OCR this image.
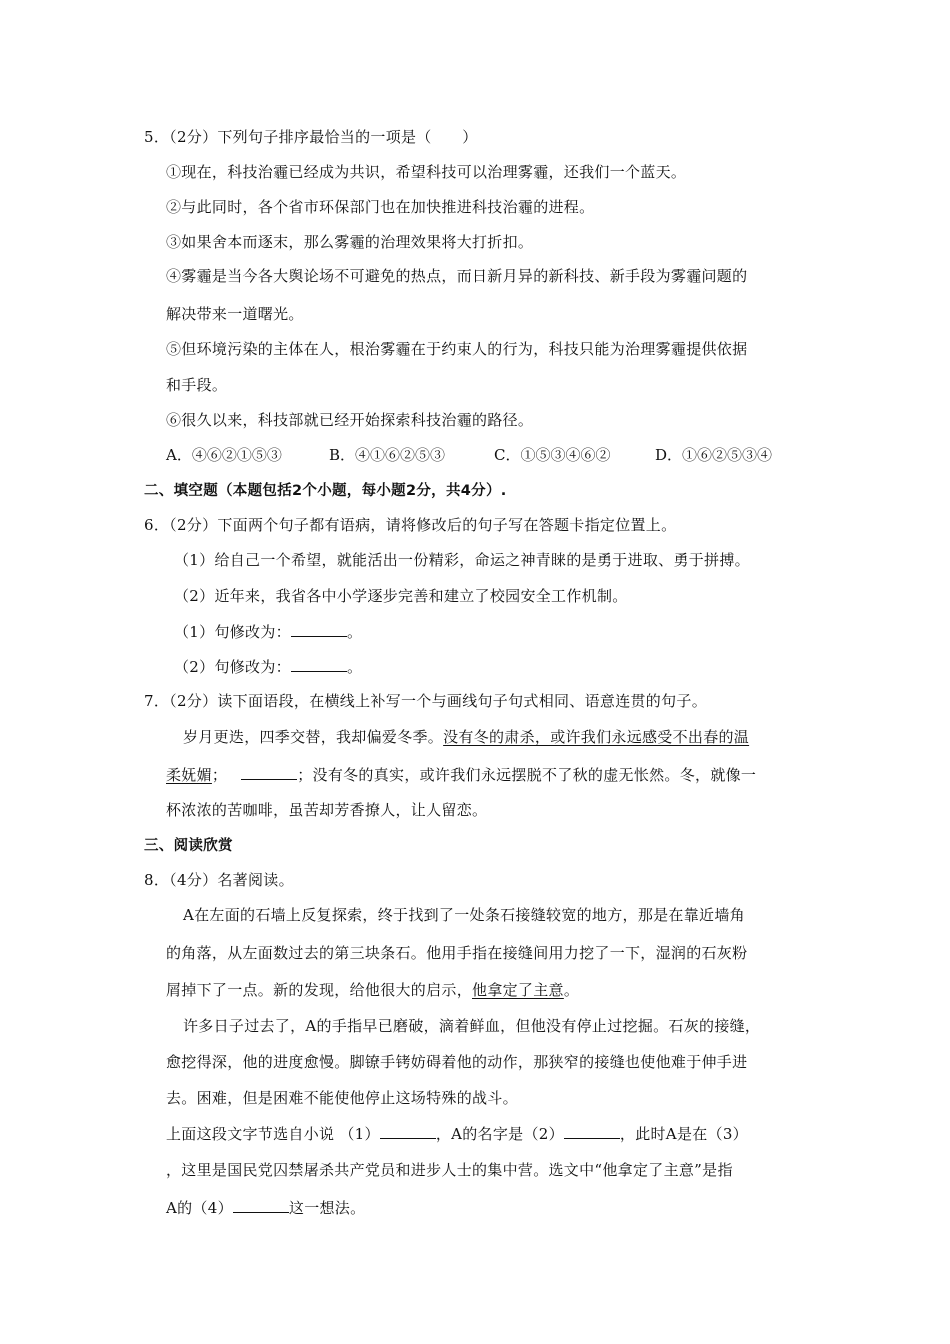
5．（2分）下列句子排序最恰当的一项是（　　）
①现在，科技治霾已经成为共识，希望科技可以治理雾霾，还我们一个蓝天。
②与此同时，各个省市环保部门也在加快推进科技治霾的进程。
③如果舍本而逐末，那么雾霾的治理效果将大打折扣。
④雾霾是当今各大舆论场不可避免的热点，而日新月异的新科技、新手段为雾霾问题的
解决带来一道曙光。
⑤但环境污染的主体在人，根治雾霾在于约束人的行为，科技只能为治理雾霾提供依据
和手段。
⑥很久以来，科技部就已经开始探索科技治霾的路径。
A．④⑥②①⑤③	B．④①⑥②⑤③	C．①⑤③④⑥②	D．①⑥②⑤③④
二、填空题（本题包括2个小题，每小题2分，共4分）.
6．（2分）下面两个句子都有语病，请将修改后的句子写在答题卡指定位置上。
（1）给自己一个希望，就能活出一份精彩，命运之神青睐的是勇于进取、勇于拼搏。
（2）近年来，我省各中小学逐步完善和建立了校园安全工作机制。
（1）句修改为：	。
（2）句修改为：	。
7．（2分）读下面语段，在横线上补写一个与画线句子句式相同、语意连贯的句子。
岁月更迭，四季交替，我却偏爱冬季。没有冬的肃杀，或许我们永远感受不出春的温
柔妩媚；	；没有冬的真实，或许我们永远摆脱不了秋的虚无怅然。冬，就像一
杯浓浓的苦咖啡，虽苦却芳香撩人，让人留恋。
三、阅读欣赏
8．（4分）名著阅读。
A在左面的石墙上反复探索，终于找到了一处条石接缝较宽的地方，那是在靠近墙角
的角落，从左面数过去的第三块条石。他用手指在接缝间用力挖了一下，湿润的石灰粉
屑掉下了一点。新的发现，给他很大的启示，他拿定了主意。
许多日子过去了，A的手指早已磨破，滴着鲜血，但他没有停止过挖掘。石灰的接缝，
愈挖得深，他的进度愈慢。脚镣手铐妨碍着他的动作，那狭窄的接缝也使他难于伸手进
去。困难，但是困难不能使他停止这场特殊的战斗。
上面这段文字节选自小说 （1）	，A的名字是（2）	，此时A是在（3）
，这里是国民党囚禁屠杀共产党员和进步人士的集中营。选文中“他拿定了主意”是指
A的（4）	这一想法。
